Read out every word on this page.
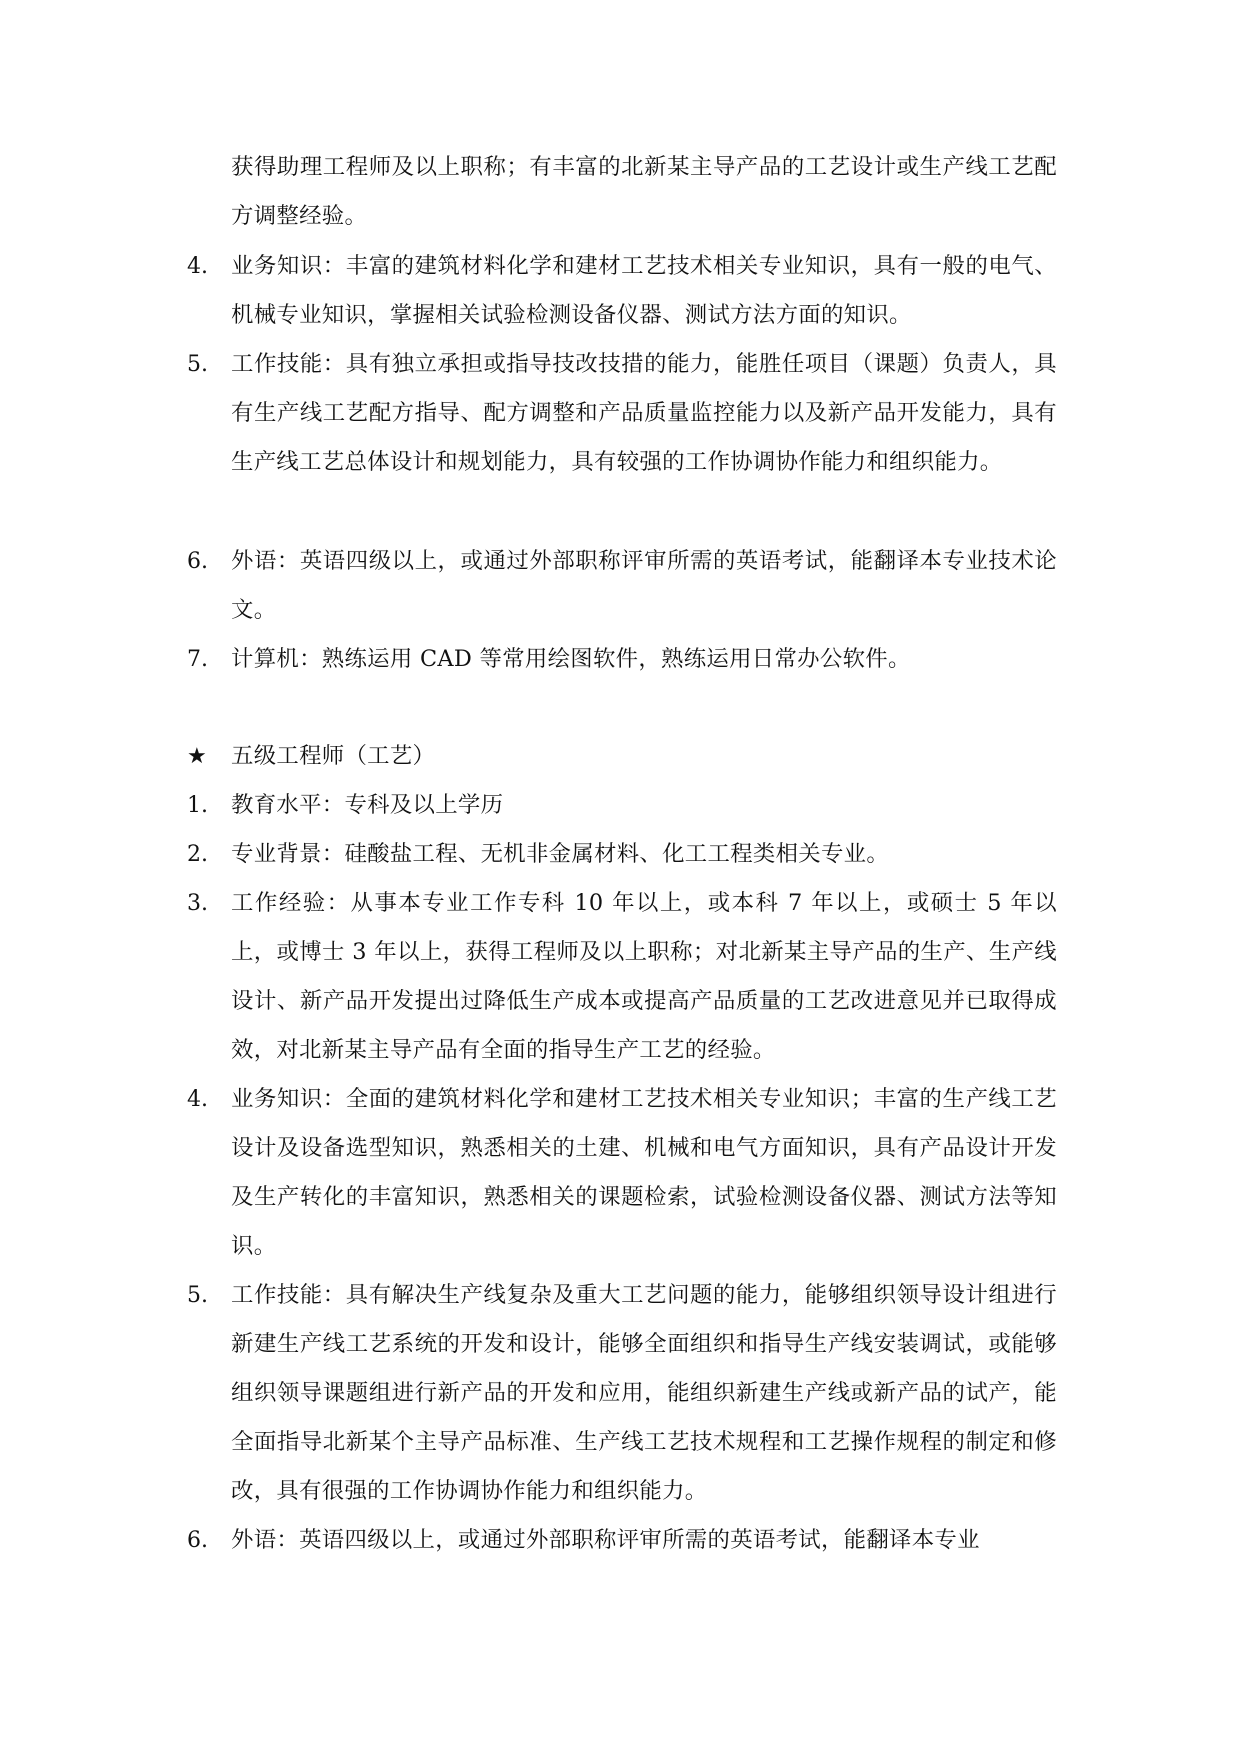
获得助理工程师及以上职称；有丰富的北新某主导产品的工艺设计或生产线工艺配方调整经验。
4.	业务知识：丰富的建筑材料化学和建材工艺技术相关专业知识，具有一般的电气、机械专业知识，掌握相关试验检测设备仪器、测试方法方面的知识。
5.	工作技能：具有独立承担或指导技改技措的能力，能胜任项目（课题）负责人，具有生产线工艺配方指导、配方调整和产品质量监控能力以及新产品开发能力，具有生产线工艺总体设计和规划能力，具有较强的工作协调协作能力和组织能力。
6.	外语：英语四级以上，或通过外部职称评审所需的英语考试，能翻译本专业技术论文。
7.	计算机：熟练运用 CAD 等常用绘图软件，熟练运用日常办公软件。
★	五级工程师（工艺）
1.	教育水平：专科及以上学历
2.	专业背景：硅酸盐工程、无机非金属材料、化工工程类相关专业。
3.	工作经验：从事本专业工作专科 10 年以上，或本科 7 年以上，或硕士 5 年以上，或博士 3 年以上，获得工程师及以上职称；对北新某主导产品的生产、生产线设计、新产品开发提出过降低生产成本或提高产品质量的工艺改进意见并已取得成效，对北新某主导产品有全面的指导生产工艺的经验。
4.	业务知识：全面的建筑材料化学和建材工艺技术相关专业知识；丰富的生产线工艺设计及设备选型知识，熟悉相关的土建、机械和电气方面知识，具有产品设计开发及生产转化的丰富知识，熟悉相关的课题检索，试验检测设备仪器、测试方法等知识。
5.	工作技能：具有解决生产线复杂及重大工艺问题的能力，能够组织领导设计组进行新建生产线工艺系统的开发和设计，能够全面组织和指导生产线安装调试，或能够组织领导课题组进行新产品的开发和应用，能组织新建生产线或新产品的试产，能全面指导北新某个主导产品标准、生产线工艺技术规程和工艺操作规程的制定和修改，具有很强的工作协调协作能力和组织能力。
6.	外语：英语四级以上，或通过外部职称评审所需的英语考试，能翻译本专业
